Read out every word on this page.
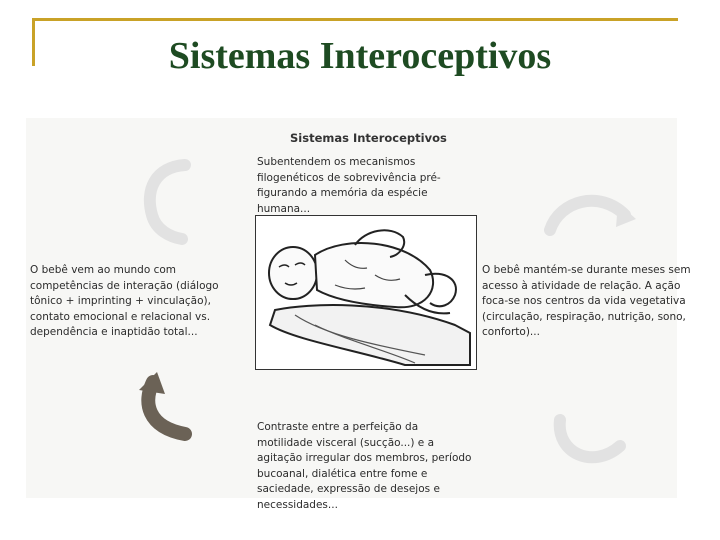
Sistemas Interoceptivos
Sistemas Interoceptivos

Subentendem os mecanismos filogenéticos de sobrevivência pré-figurando a memória da espécie humana...

O bebê vem ao mundo com competências de interação (diálogo tônico + imprinting + vinculação), contato emocional e relacional vs. dependência e inaptidão total...

O bebê mantém-se durante meses sem acesso à atividade de relação. A ação foca-se nos centros da vida vegetativa (circulação, respiração, nutrição, sono, conforto)...

Contraste entre a perfeição da motilidade visceral (sucção...) e a agitação irregular dos membros, período bucoanal, dialética entre fome e saciedade, expressão de desejos e necessidades...
